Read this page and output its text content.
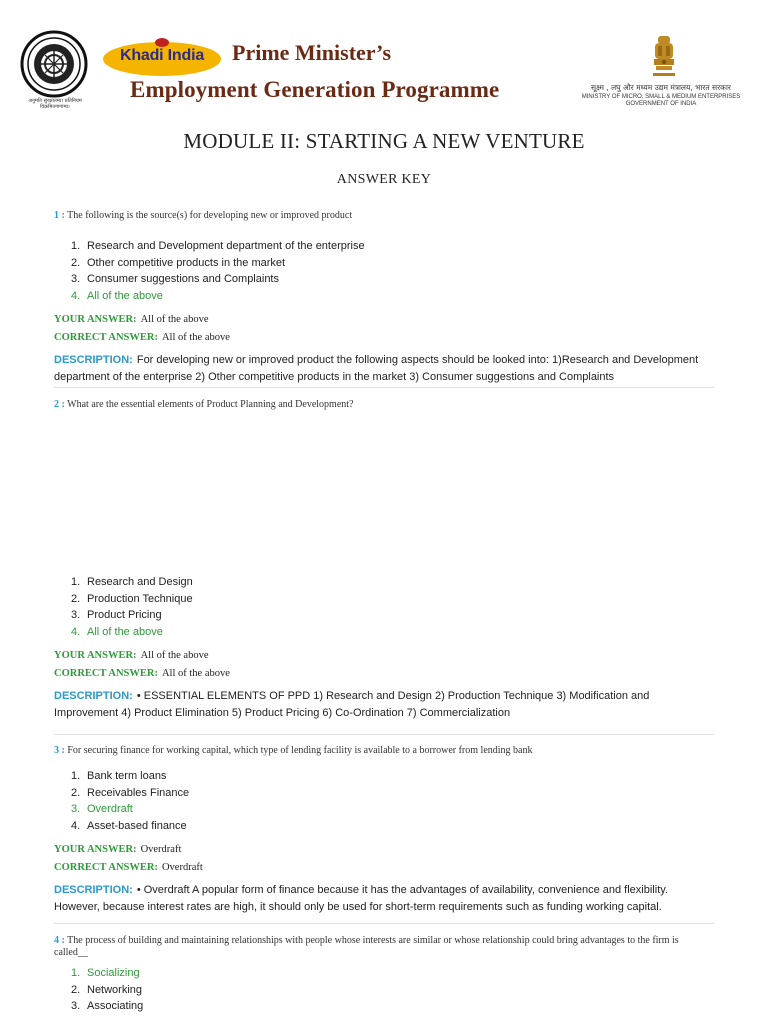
अनुमति सुरक्षातम्य। प्रतिनियम विक्रमितगागाम्य।
Khadi India	Prime Minister’s
Employment Generation Programme	सूक्ष्म , लघु और मध्यम उद्यम मंत्रालय, भारत सरकार
MINISTRY OF MICRO, SMALL & MEDIUM ENTERPRISES
GOVERNMENT OF INDIA
MODULE II: STARTING A NEW VENTURE
ANSWER KEY
1 : The following is the source(s) for developing new or improved product
1. Research and Development department of the enterprise
2. Other competitive products in the market
3. Consumer suggestions and Complaints
4. All of the above
YOUR ANSWER: All of the above
CORRECT ANSWER: All of the above
DESCRIPTION: For developing new or improved product the following aspects should be looked into: 1)Research and Development department of the enterprise 2) Other competitive products in the market 3) Consumer suggestions and Complaints
2 : What are the essential elements of Product Planning and Development?
1. Research and Design
2. Production Technique
3. Product Pricing
4. All of the above
YOUR ANSWER: All of the above
CORRECT ANSWER: All of the above
DESCRIPTION: • ESSENTIAL ELEMENTS OF PPD 1) Research and Design 2) Production Technique 3) Modification and Improvement 4) Product Elimination 5) Product Pricing 6) Co-Ordination 7) Commercialization
3 : For securing finance for working capital, which type of lending facility is available to a borrower from lending bank
1. Bank term loans
2. Receivables Finance
3. Overdraft
4. Asset-based finance
YOUR ANSWER: Overdraft
CORRECT ANSWER: Overdraft
DESCRIPTION: • Overdraft A popular form of finance because it has the advantages of availability, convenience and flexibility. However, because interest rates are high, it should only be used for short-term requirements such as funding working capital.
4 : The process of building and maintaining relationships with people whose interests are similar or whose relationship could bring advantages to the firm is called__
1. Socializing
2. Networking
3. Associating
